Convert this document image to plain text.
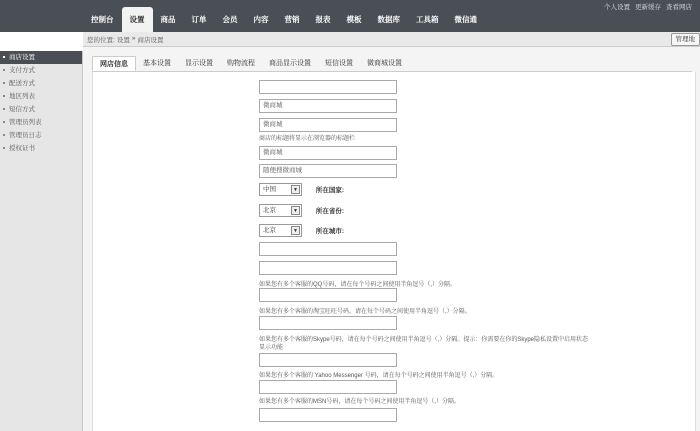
个人设置 更新缓存 查看网店
控制台	设置	商品	订单	会员	内容	营销	报表	模板	数据库	工具箱	微信通
您的位置: 设置 » 商店设置	管理地
商店设置
支付方式
配送方式
地区列表
短信方式
管理员列表
管理员日志
授权证书
网店信息	基本设置	显示设置	购物流程	商品显示设置	短信设置	微商城设置
微商城
微商城
商店的标题将显示在浏览器的标题栏
微商城
随便搜微商城
所在国家:
中国	▼
所在省份:
北京	▼
所在城市:
北京	▼
如果您有多个客服的QQ号码，请在每个号码之间使用半角逗号（,）分隔。
如果您有多个客服的淘宝旺旺号码，请在每个号码之间使用半角逗号（,）分隔。
如果您有多个客服的Skype号码，请在每个号码之间使用半角逗号（,）分隔。提示：你需要在你的Skype隐私设置中启用状态
显示功能
如果您有多个客服的 Yahoo Messenger 号码，请在每个号码之间使用半角逗号（,）分隔。
如果您有多个客服的MSN号码，请在每个号码之间使用半角逗号（,）分隔。
